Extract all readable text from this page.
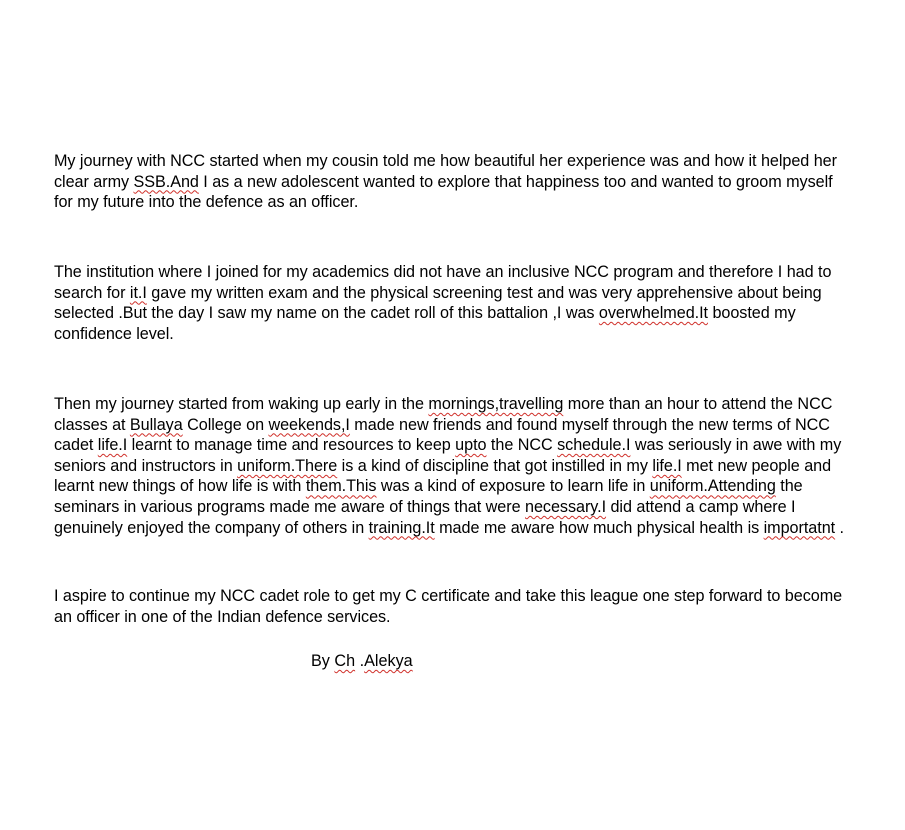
My journey with NCC started when my cousin told me how beautiful her experience was and how it helped her
clear army SSB.And I as a new adolescent wanted to explore that happiness too and wanted to groom myself
for my future into the defence as an officer.

The institution where I joined for my academics did not have an inclusive NCC program and therefore I had to
search for it.I gave my written exam and the physical screening test and was very apprehensive about being
selected .But the day I saw my name on the cadet roll of this battalion ,I was overwhelmed.It boosted my
confidence level.

Then my journey started from waking up early in the mornings,travelling more than an hour to attend the NCC
classes at Bullaya College on weekends,I made new friends and found myself through the new terms of NCC
cadet life.I learnt to manage time and resources to keep upto the NCC schedule.I was seriously in awe with my
seniors and instructors in uniform.There is a kind of discipline that got instilled in my life.I met new people and
learnt new things of how life is with them.This was a kind of exposure to learn life in uniform.Attending the
seminars in various programs made me aware of things that were necessary.I did attend a camp where I
genuinely enjoyed the company of others in training.It made me aware how much physical health is importatnt .

I aspire to continue my NCC cadet role to get my C certificate and take this league one step forward to become
an officer in one of the Indian defence services.

By Ch .Alekya
